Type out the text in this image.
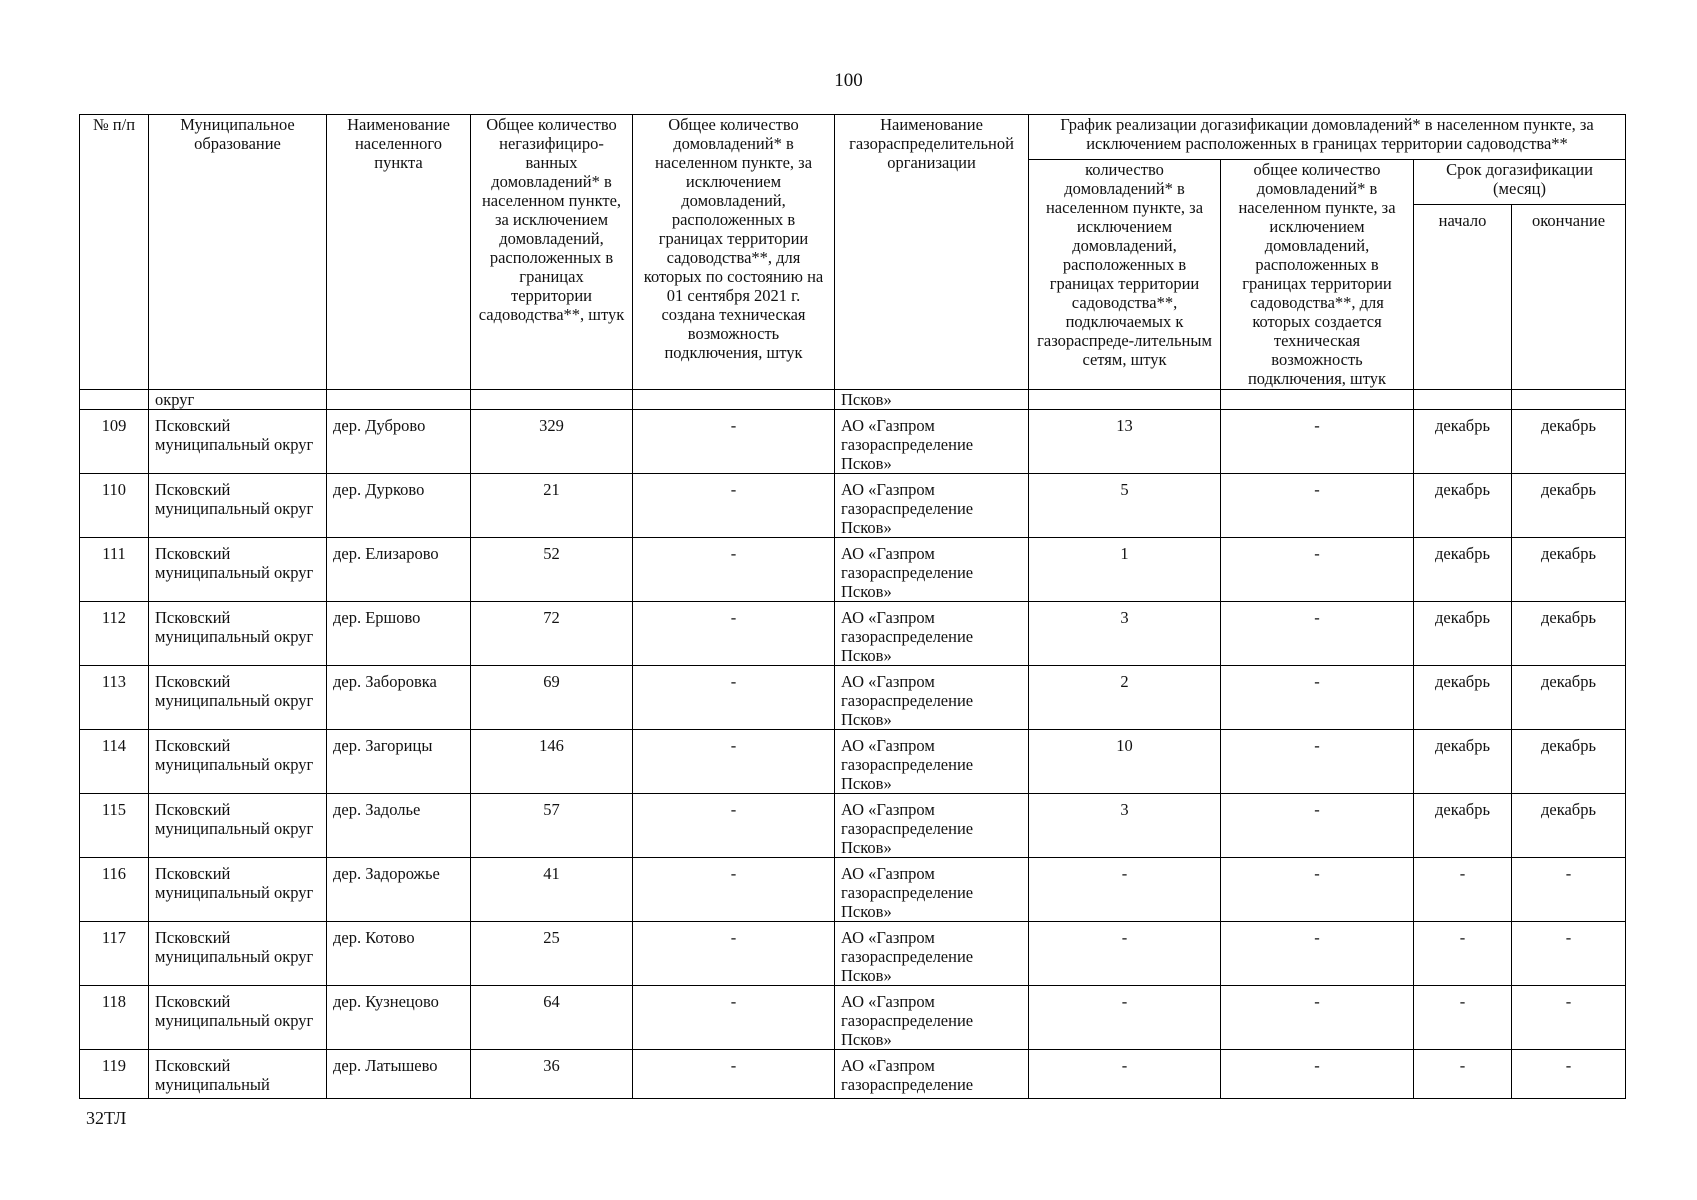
100
№ п/п	Муниципальное образование	Наименование населенного пункта	Общее количество негазифициро-ванных домовладений* в населенном пункте, за исключением домовладений, расположенных в границах территории садоводства**, штук	Общее количество домовладений* в населенном пункте, за исключением домовладений, расположенных в границах территории садоводства**, для которых по состоянию на 01 сентября 2021 г. создана техническая возможность подключения, штук	Наименование газораспределительной организации	График реализации догазификации домовладений* в населенном пункте, за исключением расположенных в границах территории садоводства**			
						количество домовладений* в населенном пункте, за исключением домовладений, расположенных в границах территории садоводства**, подключаемых к газораспреде-лительным сетям, штук	общее количество домовладений* в населенном пункте, за исключением домовладений, расположенных в границах территории садоводства**, для которых создается техническая возможность подключения, штук	Срок догазификации (месяц)	
								начало	окончание
	округ				Псков»				
109	Псковский муниципальный округ	дер. Дуброво	329	-	АО «Газпром газораспределение Псков»	13	-	декабрь	декабрь
110	Псковский муниципальный округ	дер. Дурково	21	-	АО «Газпром газораспределение Псков»	5	-	декабрь	декабрь
111	Псковский муниципальный округ	дер. Елизарово	52	-	АО «Газпром газораспределение Псков»	1	-	декабрь	декабрь
112	Псковский муниципальный округ	дер. Ершово	72	-	АО «Газпром газораспределение Псков»	3	-	декабрь	декабрь
113	Псковский муниципальный округ	дер. Заборовка	69	-	АО «Газпром газораспределение Псков»	2	-	декабрь	декабрь
114	Псковский муниципальный округ	дер. Загорицы	146	-	АО «Газпром газораспределение Псков»	10	-	декабрь	декабрь
115	Псковский муниципальный округ	дер. Задолье	57	-	АО «Газпром газораспределение Псков»	3	-	декабрь	декабрь
116	Псковский муниципальный округ	дер. Задорожье	41	-	АО «Газпром газораспределение Псков»	-	-	-	-
117	Псковский муниципальный округ	дер. Котово	25	-	АО «Газпром газораспределение Псков»	-	-	-	-
118	Псковский муниципальный округ	дер. Кузнецово	64	-	АО «Газпром газораспределение Псков»	-	-	-	-
119	Псковский муниципальный	дер. Латышево	36	-	АО «Газпром газораспределение	-	-	-	-
32ТЛ
